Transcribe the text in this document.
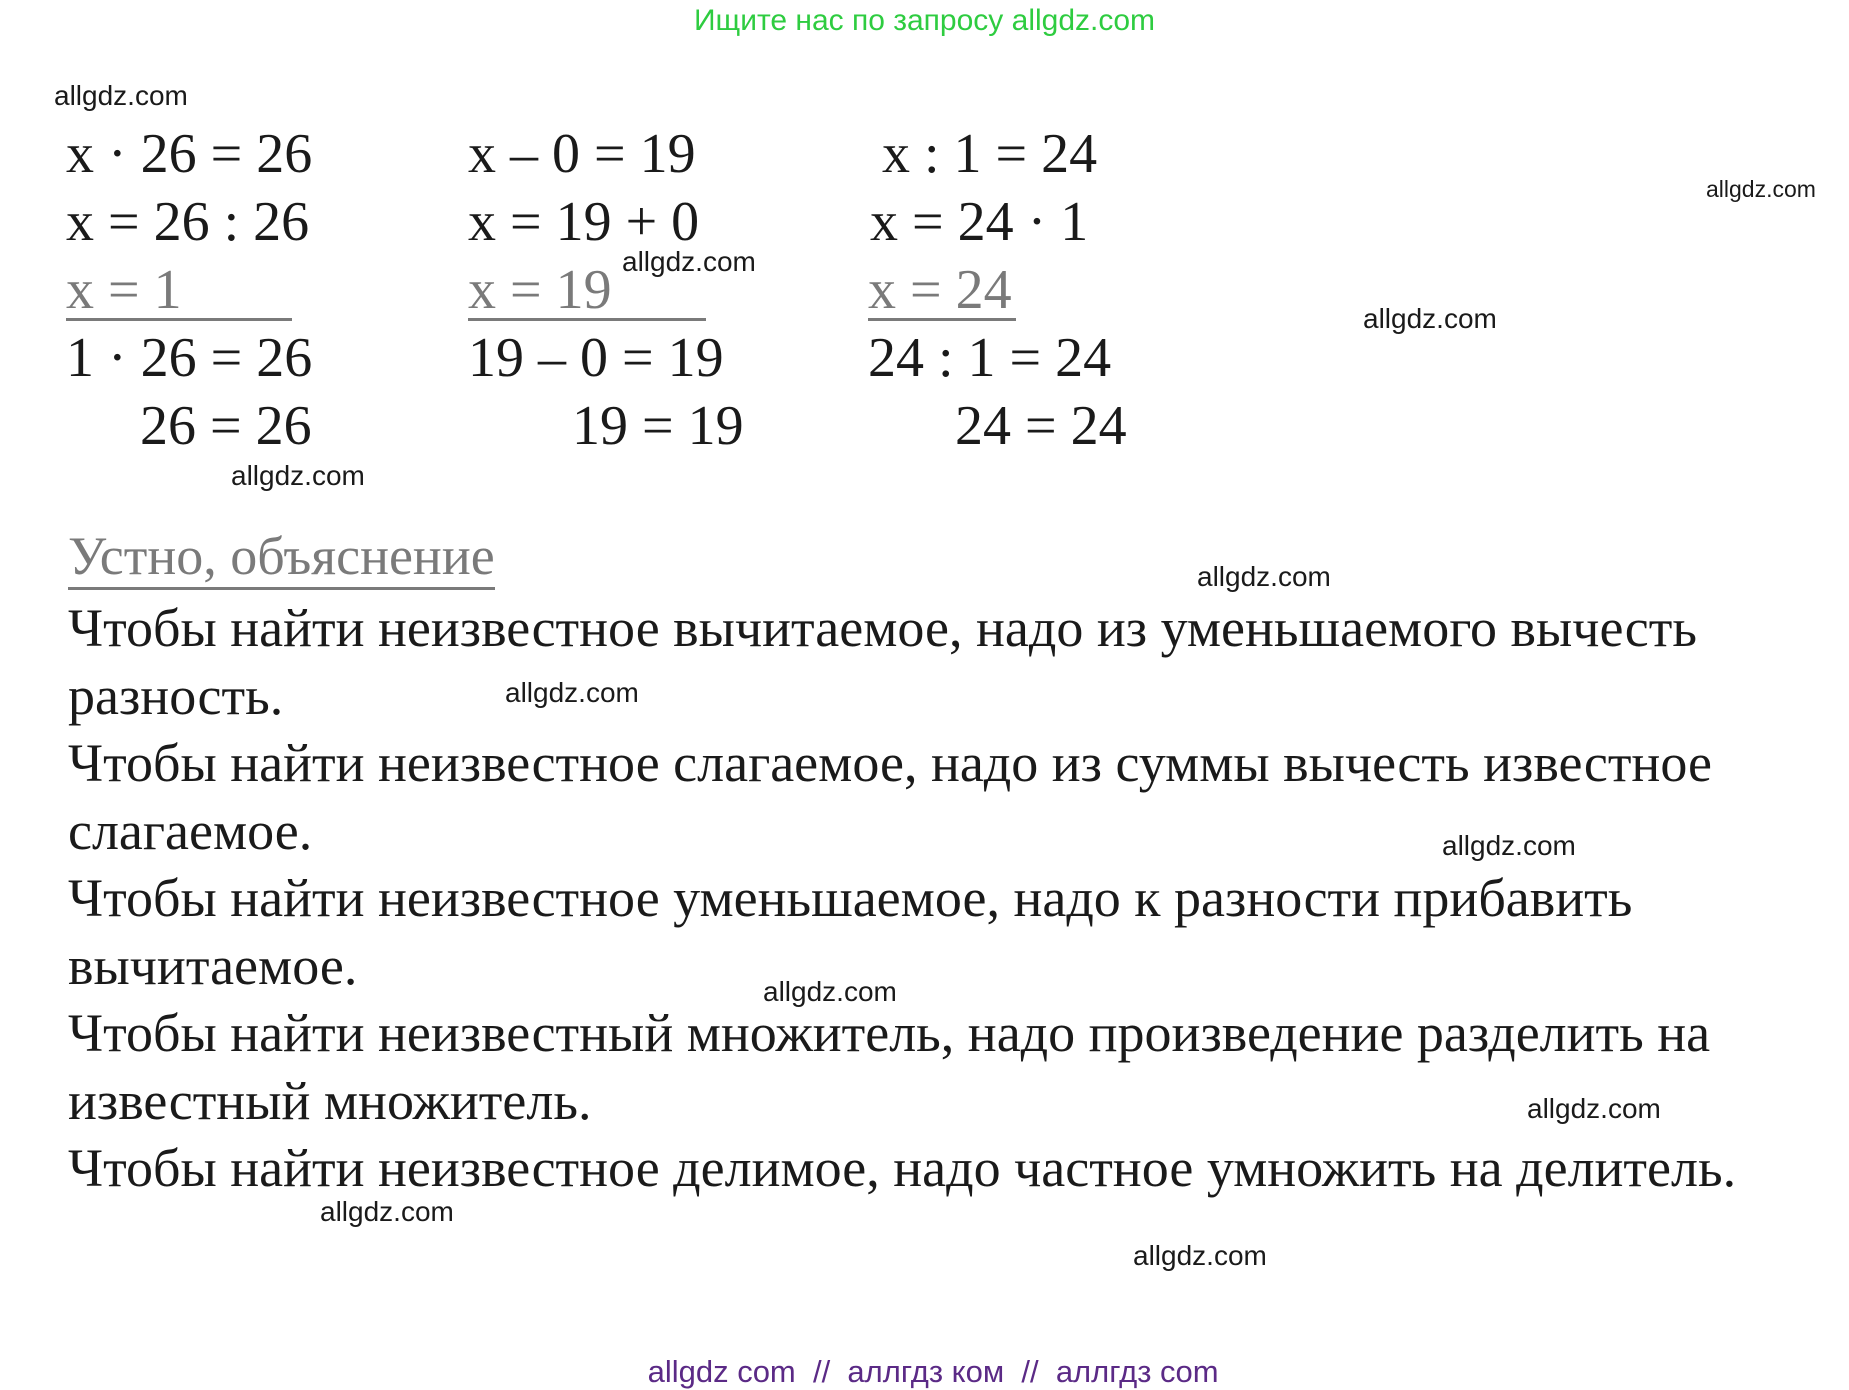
Ищите нас по запросу allgdz.com
x · 26 = 26
x = 26 : 26
x = 1
1 · 26 = 26
26 = 26
x – 0 = 19
x = 19 + 0
x = 19
19 – 0 = 19
19 = 19
x : 1 = 24
x = 24 · 1
x = 24
24 : 1 = 24
24 = 24
Устно, объяснение

Чтобы найти неизвестное вычитаемое, надо из уменьшаемого вычесть разность.

Чтобы найти неизвестное слагаемое, надо из суммы вычесть известное слагаемое.

Чтобы найти неизвестное уменьшаемое, надо к разности прибавить вычитаемое.

Чтобы найти неизвестный множитель, надо произведение разделить на известный множитель.

Чтобы найти неизвестное делимое, надо частное умножить на делитель.

allgdz.com
allgdz.com
allgdz.com
allgdz.com
allgdz.com
allgdz.com
allgdz.com
allgdz.com
allgdz.com
allgdz.com
allgdz.com
allgdz.com

allgdz com  //  аллгдз ком  //  аллгдз com
